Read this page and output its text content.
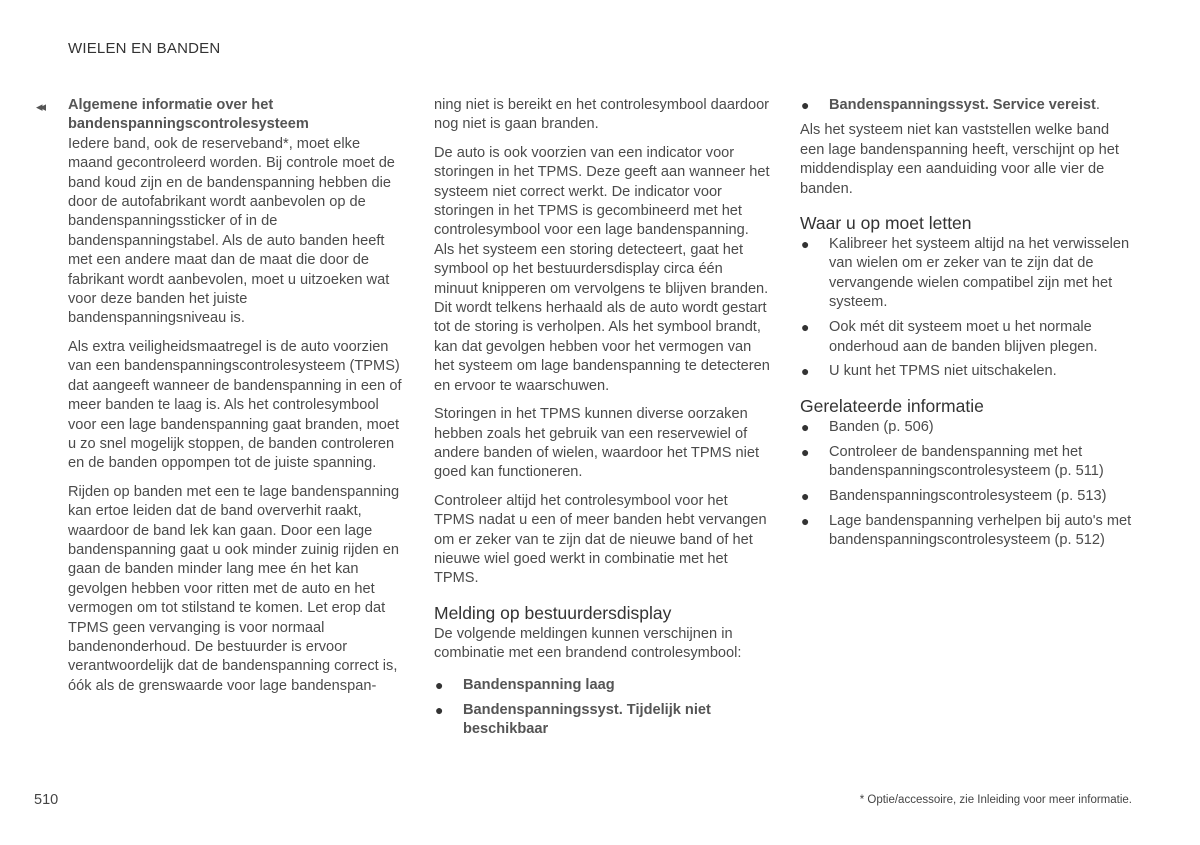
WIELEN EN BANDEN
◂◂ Algemene informatie over het
bandenspanningscontrolesysteem

Iedere band, ook de reserveband*, moet elke maand gecontroleerd worden. Bij controle moet de band koud zijn en de bandenspanning hebben die door de autofabrikant wordt aanbevolen op de bandenspanningssticker of in de bandenspanningstabel. Als de auto banden heeft met een andere maat dan de maat die door de fabrikant wordt aanbevolen, moet u uitzoeken wat voor deze banden het juiste bandenspanningsniveau is.

Als extra veiligheidsmaatregel is de auto voorzien van een bandenspanningscontrolesysteem (TPMS) dat aangeeft wanneer de bandenspanning in een of meer banden te laag is. Als het controlesymbool voor een lage bandenspanning gaat branden, moet u zo snel mogelijk stoppen, de banden controleren en de banden oppompen tot de juiste spanning.

Rijden op banden met een te lage bandenspanning kan ertoe leiden dat de band oververhit raakt, waardoor de band lek kan gaan. Door een lage bandenspanning gaat u ook minder zuinig rijden en gaan de banden minder lang mee én het kan gevolgen hebben voor ritten met de auto en het vermogen om tot stilstand te komen. Let erop dat TPMS geen vervanging is voor normaal bandenonderhoud. De bestuurder is ervoor verantwoordelijk dat de bandenspanning correct is, óók als de grenswaarde voor lage bandenspan-

ning niet is bereikt en het controlesymbool daardoor nog niet is gaan branden.

De auto is ook voorzien van een indicator voor storingen in het TPMS. Deze geeft aan wanneer het systeem niet correct werkt. De indicator voor storingen in het TPMS is gecombineerd met het controlesymbool voor een lage bandenspanning. Als het systeem een storing detecteert, gaat het symbool op het bestuurdersdisplay circa één minuut knipperen om vervolgens te blijven branden. Dit wordt telkens herhaald als de auto wordt gestart tot de storing is verholpen. Als het symbool brandt, kan dat gevolgen hebben voor het vermogen van het systeem om lage bandenspanning te detecteren en ervoor te waarschuwen.

Storingen in het TPMS kunnen diverse oorzaken hebben zoals het gebruik van een reservewiel of andere banden of wielen, waardoor het TPMS niet goed kan functioneren.

Controleer altijd het controlesymbool voor het TPMS nadat u een of meer banden hebt vervangen om er zeker van te zijn dat de nieuwe band of het nieuwe wiel goed werkt in combinatie met het TPMS.

Melding op bestuurdersdisplay

De volgende meldingen kunnen verschijnen in combinatie met een brandend controlesymbool:

● Bandenspanning laag
● Bandenspanningssyst. Tijdelijk niet beschikbaar
● Bandenspanningssyst. Service vereist.

Als het systeem niet kan vaststellen welke band een lage bandenspanning heeft, verschijnt op het middendisplay een aanduiding voor alle vier de banden.

Waar u op moet letten
● Kalibreer het systeem altijd na het verwisselen van wielen om er zeker van te zijn dat de vervangende wielen compatibel zijn met het systeem.
● Ook mét dit systeem moet u het normale onderhoud aan de banden blijven plegen.
● U kunt het TPMS niet uitschakelen.
Gerelateerde informatie
● Banden (p. 506)
● Controleer de bandenspanning met het bandenspanningscontrolesysteem (p. 511)
● Bandenspanningscontrolesysteem (p. 513)
● Lage bandenspanning verhelpen bij auto's met bandenspanningscontrolesysteem (p. 512)
510	* Optie/accessoire, zie Inleiding voor meer informatie.
